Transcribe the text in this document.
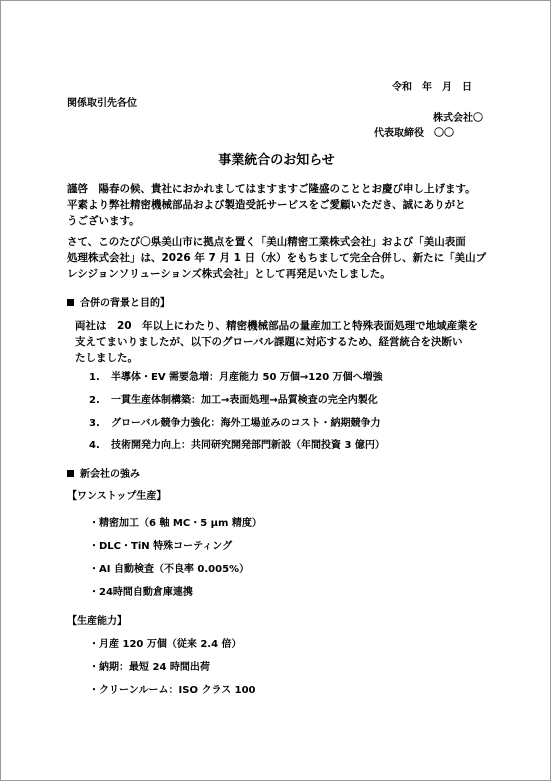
令和　年　月　日
関係取引先各位
株式会社〇
代表取締役　〇〇
事業統合のお知らせ
謹啓　陽春の候、貴社におかれましてはますますご隆盛のこととお慶び申し上げます。
平素より弊社精密機械部品および製造受託サービスをご愛顧いただき、誠にありがと
うございます。
さて、このたび〇県美山市に拠点を置く「美山精密工業株式会社」および「美山表面
処理株式会社」は、2026 年 7 月 1 日（水）をもちまして完全合併し、新たに「美山プ
レシジョンソリューションズ株式会社」として再発足いたしました。
合併の背景と目的】
両社は　20　年以上にわたり、精密機械部品の量産加工と特殊表面処理で地域産業を
支えてまいりましたが、以下のグローバル課題に対応するため、経営統合を決断い
たしました。
1. 半導体・EV 需要急増：月産能力 50 万個→120 万個へ増強
2. 一貫生産体制構築：加工→表面処理→品質検査の完全内製化
3. グローバル競争力強化：海外工場並みのコスト・納期競争力
4. 技術開発力向上：共同研究開発部門新設（年間投資 3 億円）
新会社の強み
【ワンストップ生産】
・精密加工（6 軸 MC・5 μm 精度）
・DLC・TiN 特殊コーティング
・AI 自動検査（不良率 0.005%）
・24時間自動倉庫連携
【生産能力】
・月産 120 万個（従来 2.4 倍）
・納期：最短 24 時間出荷
・クリーンルーム：ISO クラス 100
